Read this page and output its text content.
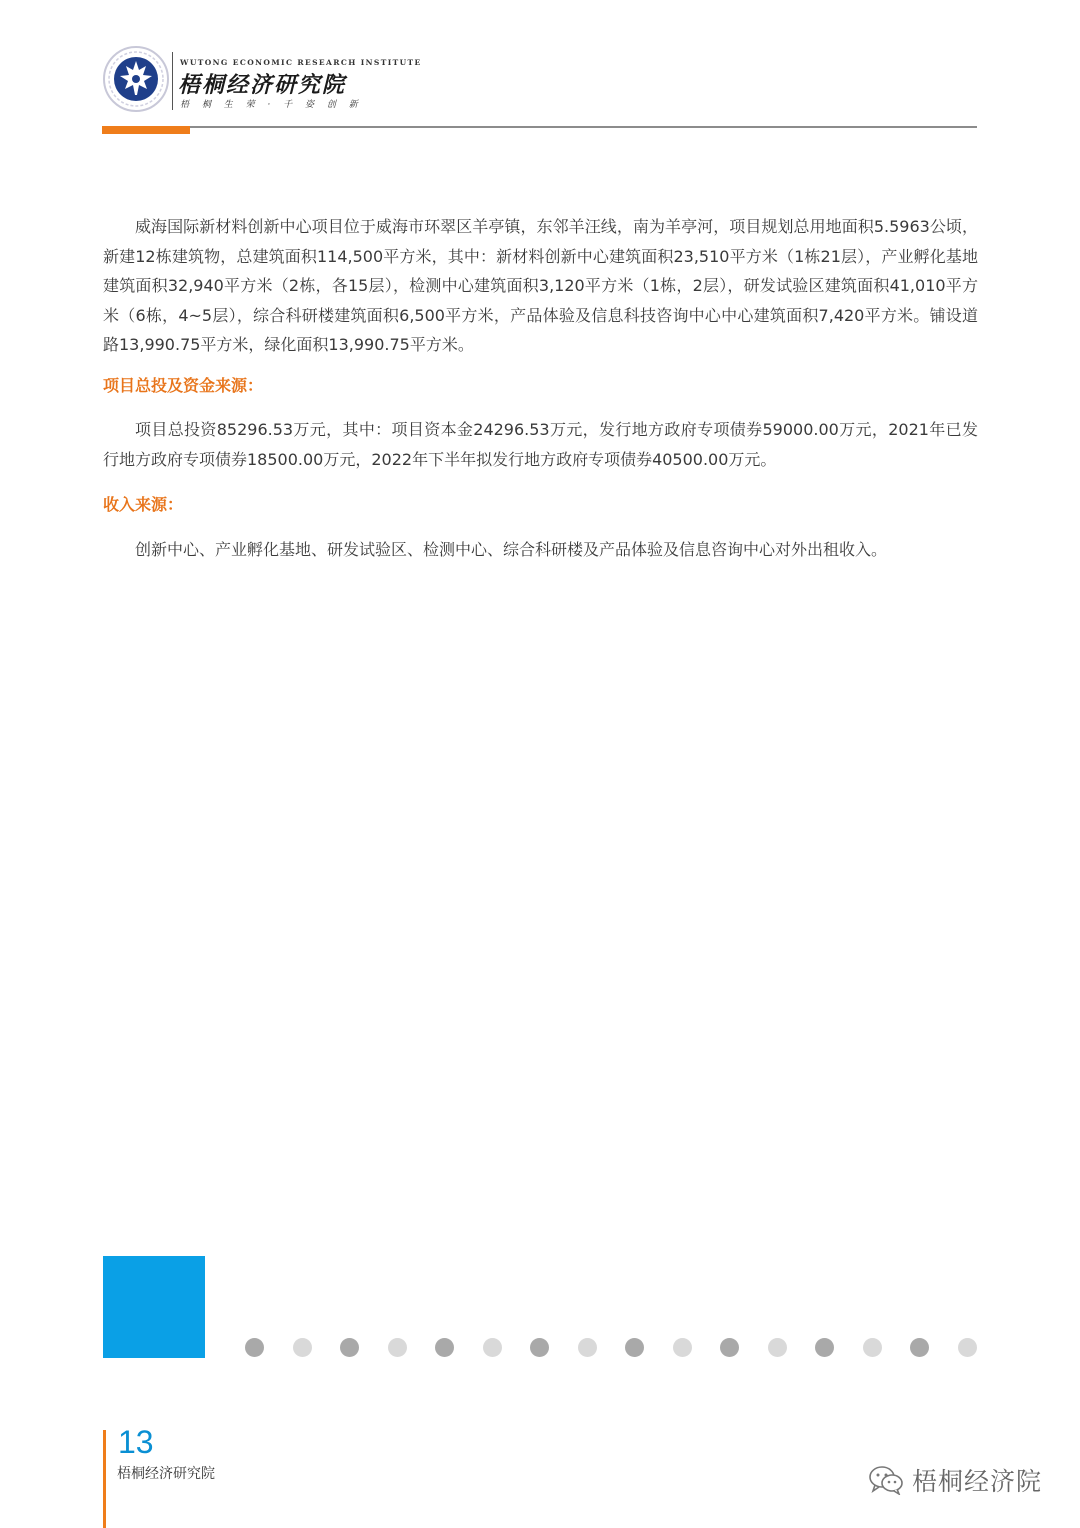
WUTONG ECONOMIC RESEARCH INSTITUTE
梧桐经济研究院
梧 桐 生 荣 · 千 姿 创 新

威海国际新材料创新中心项目位于威海市环翠区羊亭镇，东邻羊汪线，南为羊亭河，项目规划总用地面积5.5963公顷，新建12栋建筑物，总建筑面积114,500平方米，其中：新材料创新中心建筑面积23,510平方米（1栋21层），产业孵化基地建筑面积32,940平方米（2栋，各15层），检测中心建筑面积3,120平方米（1栋，2层），研发试验区建筑面积41,010平方米（6栋，4~5层），综合科研楼建筑面积6,500平方米，产品体验及信息科技咨询中心中心建筑面积7,420平方米。铺设道路13,990.75平方米，绿化面积13,990.75平方米。

项目总投及资金来源：

项目总投资85296.53万元，其中：项目资本金24296.53万元，发行地方政府专项债券59000.00万元，2021年已发行地方政府专项债券18500.00万元，2022年下半年拟发行地方政府专项债券40500.00万元。

收入来源：

创新中心、产业孵化基地、研发试验区、检测中心、综合科研楼及产品体验及信息咨询中心对外出租收入。

13
梧桐经济研究院	梧桐经济院
